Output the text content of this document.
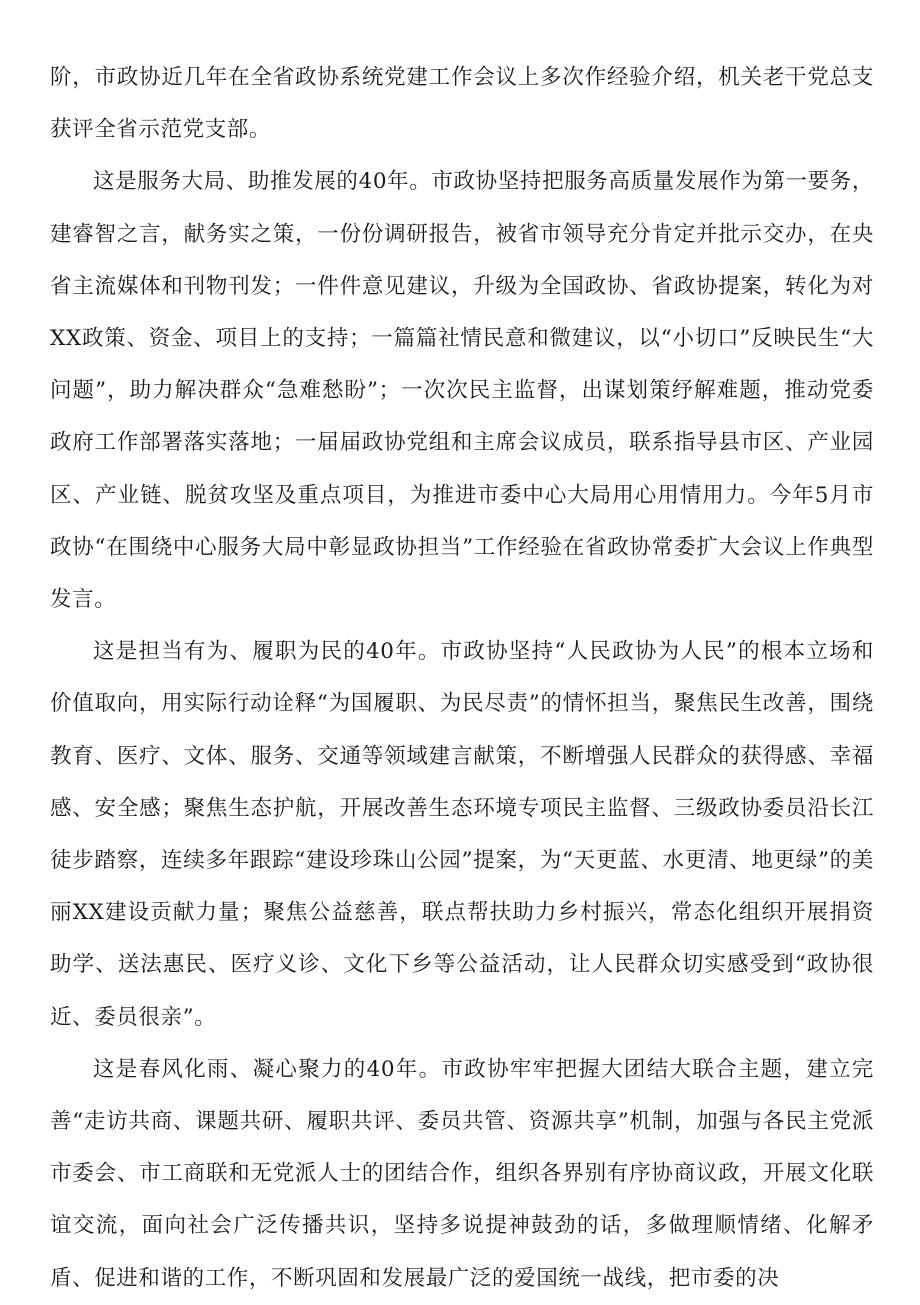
阶，市政协近几年在全省政协系统党建工作会议上多次作经验介绍，机关老干党总支获评全省示范党支部。

这是服务大局、助推发展的40年。市政协坚持把服务高质量发展作为第一要务，建睿智之言，献务实之策，一份份调研报告，被省市领导充分肯定并批示交办，在央省主流媒体和刊物刊发；一件件意见建议，升级为全国政协、省政协提案，转化为对XX政策、资金、项目上的支持；一篇篇社情民意和微建议，以“小切口”反映民生“大问题”，助力解决群众“急难愁盼”；一次次民主监督，出谋划策纾解难题，推动党委政府工作部署落实落地；一届届政协党组和主席会议成员，联系指导县市区、产业园区、产业链、脱贫攻坚及重点项目，为推进市委中心大局用心用情用力。今年5月市政协“在围绕中心服务大局中彰显政协担当”工作经验在省政协常委扩大会议上作典型发言。

这是担当有为、履职为民的40年。市政协坚持“人民政协为人民”的根本立场和价值取向，用实际行动诠释“为国履职、为民尽责”的情怀担当，聚焦民生改善，围绕教育、医疗、文体、服务、交通等领域建言献策，不断增强人民群众的获得感、幸福感、安全感；聚焦生态护航，开展改善生态环境专项民主监督、三级政协委员沿长江徒步踏察，连续多年跟踪“建设珍珠山公园”提案，为“天更蓝、水更清、地更绿”的美丽XX建设贡献力量；聚焦公益慈善，联点帮扶助力乡村振兴，常态化组织开展捐资助学、送法惠民、医疗义诊、文化下乡等公益活动，让人民群众切实感受到“政协很近、委员很亲”。

这是春风化雨、凝心聚力的40年。市政协牢牢把握大团结大联合主题，建立完善“走访共商、课题共研、履职共评、委员共管、资源共享”机制，加强与各民主党派市委会、市工商联和无党派人士的团结合作，组织各界别有序协商议政，开展文化联谊交流，面向社会广泛传播共识，坚持多说提神鼓劲的话，多做理顺情绪、化解矛盾、促进和谐的工作，不断巩固和发展最广泛的爱国统一战线，把市委的决
